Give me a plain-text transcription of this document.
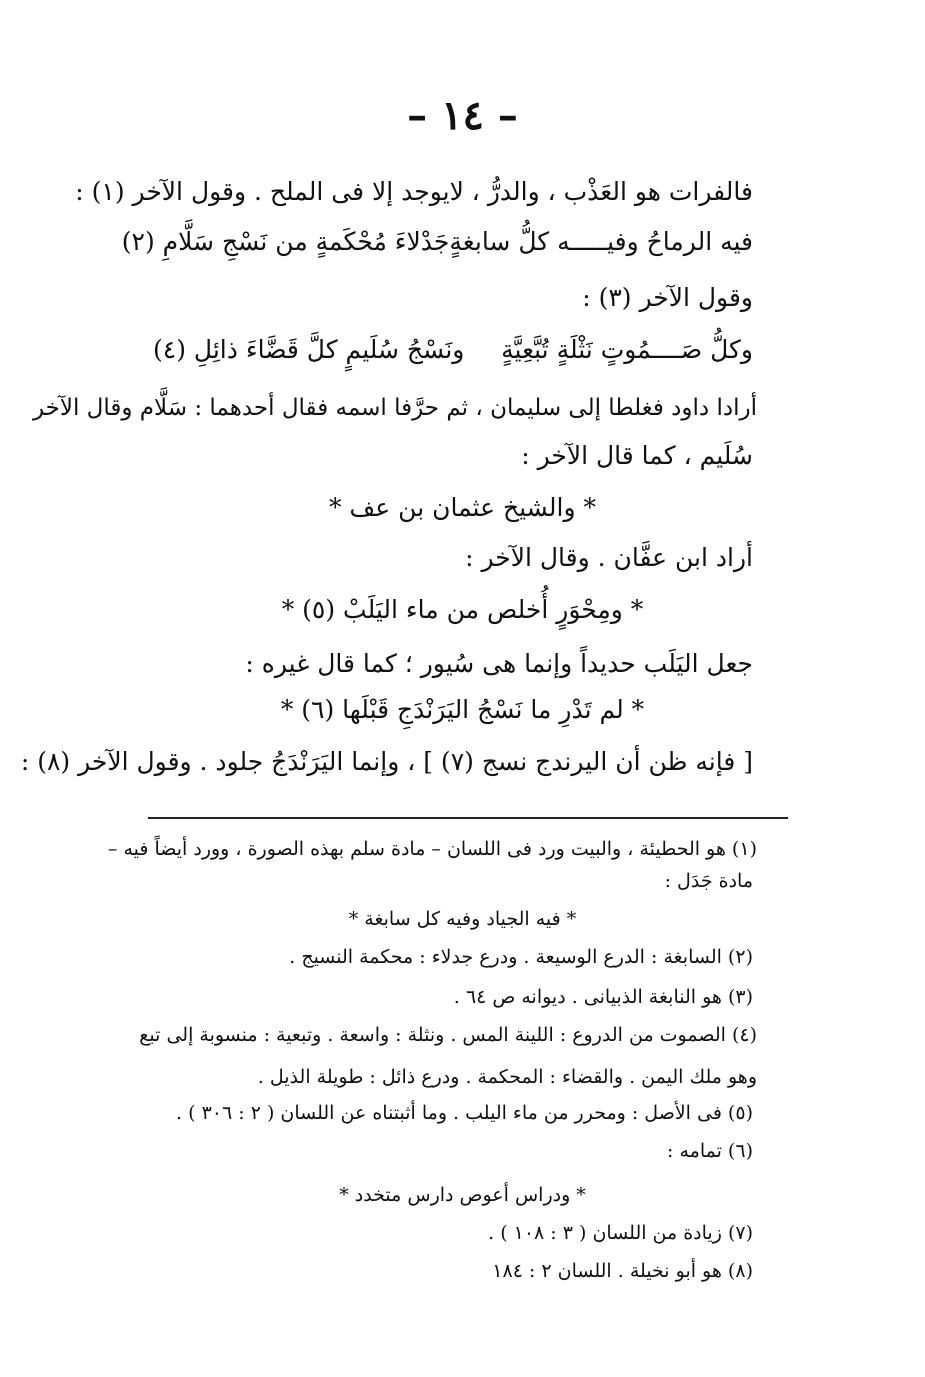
– ١٤ –
فالفرات هو العَذْب ، والدرُّ ، لايوجد إلا فى الملح . وقول الآخر (١) :
فيه الرماحُ وفيـــــه كلُّ سابغةٍ
جَدْلاءَ مُحْكَمةٍ من نَسْجِ سَلَّامِ (٢)
وقول الآخر (٣) :
وكلُّ صَــــمُوتٍ نَثْلَةٍ تُبَّعِيَّةٍ
ونَسْجُ سُلَيمٍ كلَّ قَضَّاءَ ذائِلِ (٤)
أرادا داود فغلطا إلى سليمان ، ثم حرَّفا اسمه فقال أحدهما : سَلَّام وقال الآخر
سُلَيم ، كما قال الآخر :
* والشيخ عثمان بن عف *
أراد ابن عفَّان . وقال الآخر :
* ومِحْوَرٍ أُخلص من ماء اليَلَبْ (٥) *
جعل اليَلَب حديداً وإنما هى سُيور ؛ كما قال غيره :
* لم تَدْرِ ما نَسْجُ اليَرَنْدَجِ قَبْلَها (٦) *
[ فإنه ظن أن اليرندج نسج (٧) ] ، وإنما اليَرَنْدَجُ جلود . وقول الآخر (٨) :
(١) هو الحطيئة ، والبيت ورد فى اللسان – مادة سلم بهذه الصورة ، وورد أيضاً فيه –
مادة جَدَل :
* فيه الجياد وفيه كل سابغة *
(٢) السابغة : الدرع الوسيعة . ودرع جدلاء : محكمة النسيج .
(٣) هو النابغة الذبيانى . ديوانه ص ٦٤ .
(٤) الصموت من الدروع : اللينة المس . ونثلة : واسعة . وتبعية : منسوبة إلى تبع
وهو ملك اليمن . والقضاء : المحكمة . ودرع ذائل : طويلة الذيل .
(٥) فى الأصل : ومحرر من ماء اليلب . وما أثبتناه عن اللسان ( ٢ : ٣٠٦ ) .
(٦) تمامه :
* ودراس أعوص دارس متخدد *
(٧) زيادة من اللسان ( ٣ : ١٠٨ ) .
(٨) هو أبو نخيلة . اللسان ٢ : ١٨٤
